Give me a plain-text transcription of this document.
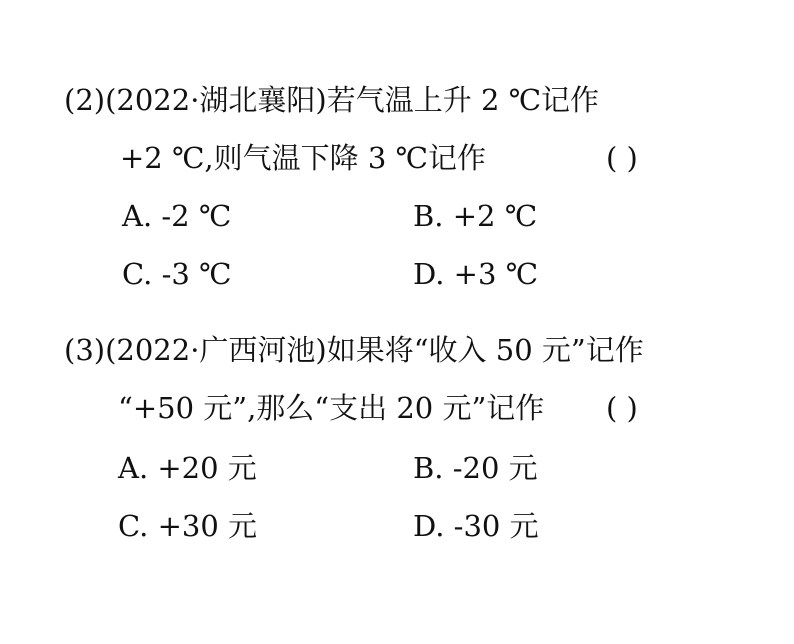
(2)(2022·湖北襄阳)若气温上升 2 ℃记作
+2 ℃,则气温下降 3 ℃记作	( )
A. -2 ℃	B. +2 ℃
C. -3 ℃	D. +3 ℃
(3)(2022·广西河池)如果将“收入 50 元”记作
“+50 元”,那么“支出 20 元”记作 ( )
A. +20 元	B. -20 元
C. +30 元	D. -30 元
